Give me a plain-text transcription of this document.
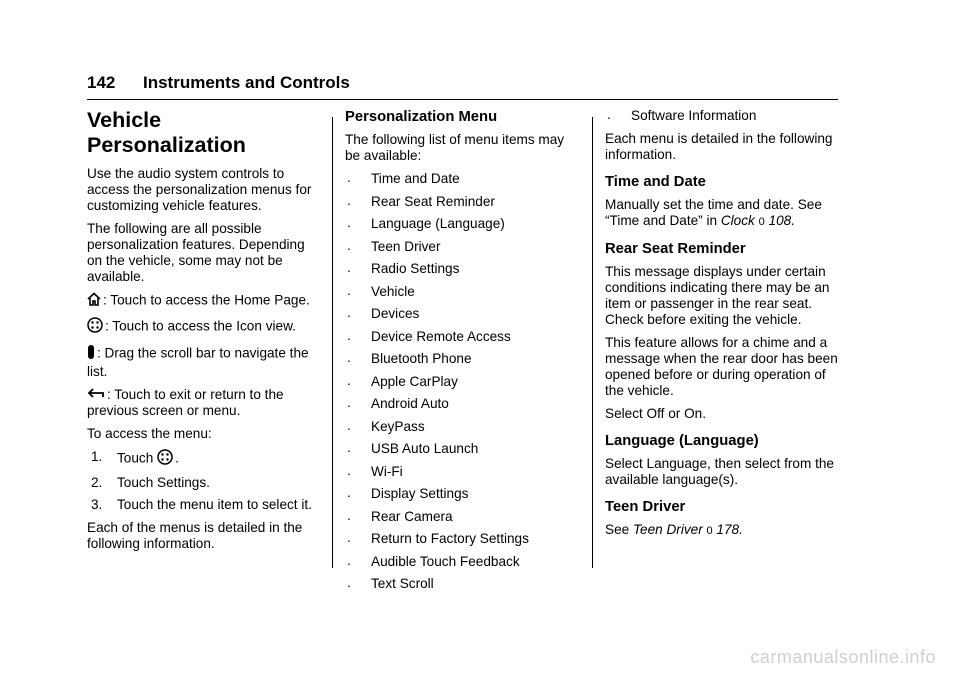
142 Instruments and Controls
Vehicle Personalization

Use the audio system controls to access the personalization menus for customizing vehicle features.

The following are all possible personalization features. Depending on the vehicle, some may not be available.

: Touch to access the Home Page.
: Touch to access the Icon view.
: Drag the scroll bar to navigate the list.
: Touch to exit or return to the previous screen or menu.

To access the menu:

1. Touch .
2. Touch Settings.
3. Touch the menu item to select it.

Each of the menus is detailed in the following information.

Personalization Menu

The following list of menu items may be available:

. Time and Date
. Rear Seat Reminder
. Language (Language)
. Teen Driver
. Radio Settings
. Vehicle
. Devices
. Device Remote Access
. Bluetooth Phone
. Apple CarPlay
. Android Auto
. KeyPass
. USB Auto Launch
. Wi-Fi
. Display Settings
. Rear Camera
. Return to Factory Settings
. Audible Touch Feedback
. Text Scroll
. Software Information

Each menu is detailed in the following information.

Time and Date

Manually set the time and date. See “Time and Date” in Clock 0 108.

Rear Seat Reminder

This message displays under certain conditions indicating there may be an item or passenger in the rear seat. Check before exiting the vehicle.

This feature allows for a chime and a message when the rear door has been opened before or during operation of the vehicle.

Select Off or On.

Language (Language)

Select Language, then select from the available language(s).

Teen Driver

See Teen Driver 0 178.

carmanualsonline.info
